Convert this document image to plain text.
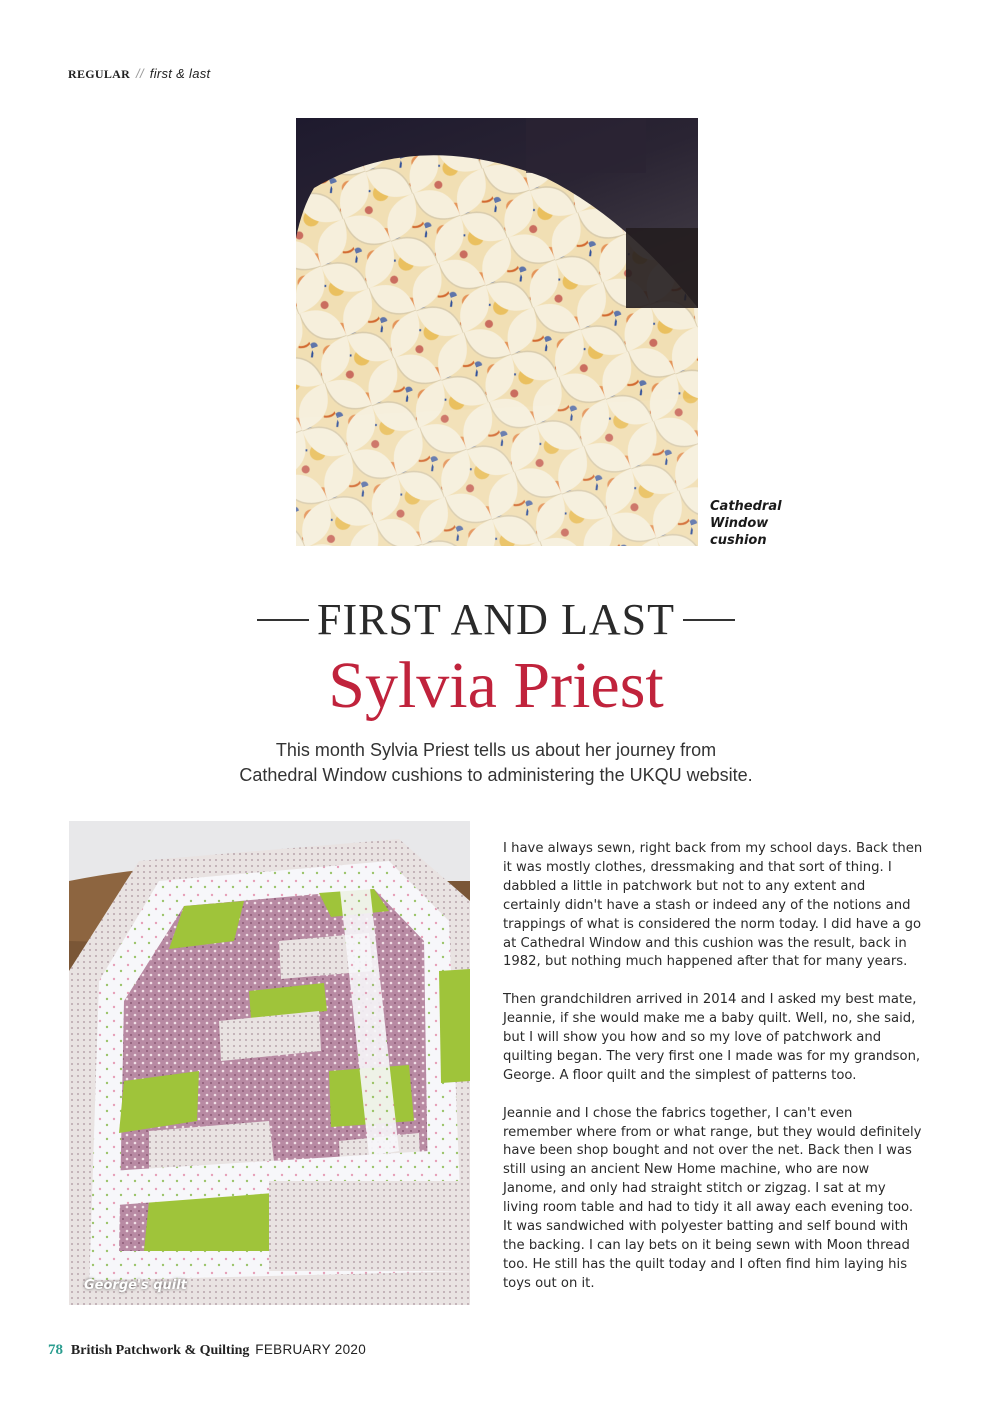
REGULAR // first & last
Cathedral
Window
cushion
FIRST AND LAST
Sylvia Priest
This month Sylvia Priest tells us about her journey from
Cathedral Window cushions to administering the UKQU website.
George's quilt

I have always sewn, right back from my school days. Back then it was mostly clothes, dressmaking and that sort of thing. I dabbled a little in patchwork but not to any extent and certainly didn't have a stash or indeed any of the notions and trappings of what is considered the norm today. I did have a go at Cathedral Window and this cushion was the result, back in 1982, but nothing much happened after that for many years.

Then grandchildren arrived in 2014 and I asked my best mate, Jeannie, if she would make me a baby quilt. Well, no, she said, but I will show you how and so my love of patchwork and quilting began. The very first one I made was for my grandson, George. A floor quilt and the simplest of patterns too.

Jeannie and I chose the fabrics together, I can't even remember where from or what range, but they would definitely have been shop bought and not over the net. Back then I was still using an ancient New Home machine, who are now Janome, and only had straight stitch or zigzag. I sat at my living room table and had to tidy it all away each evening too. It was sandwiched with polyester batting and self bound with the backing. I can lay bets on it being sewn with Moon thread too. He still has the quilt today and I often find him laying his toys out on it.

78 British Patchwork & Quilting FEBRUARY 2020
